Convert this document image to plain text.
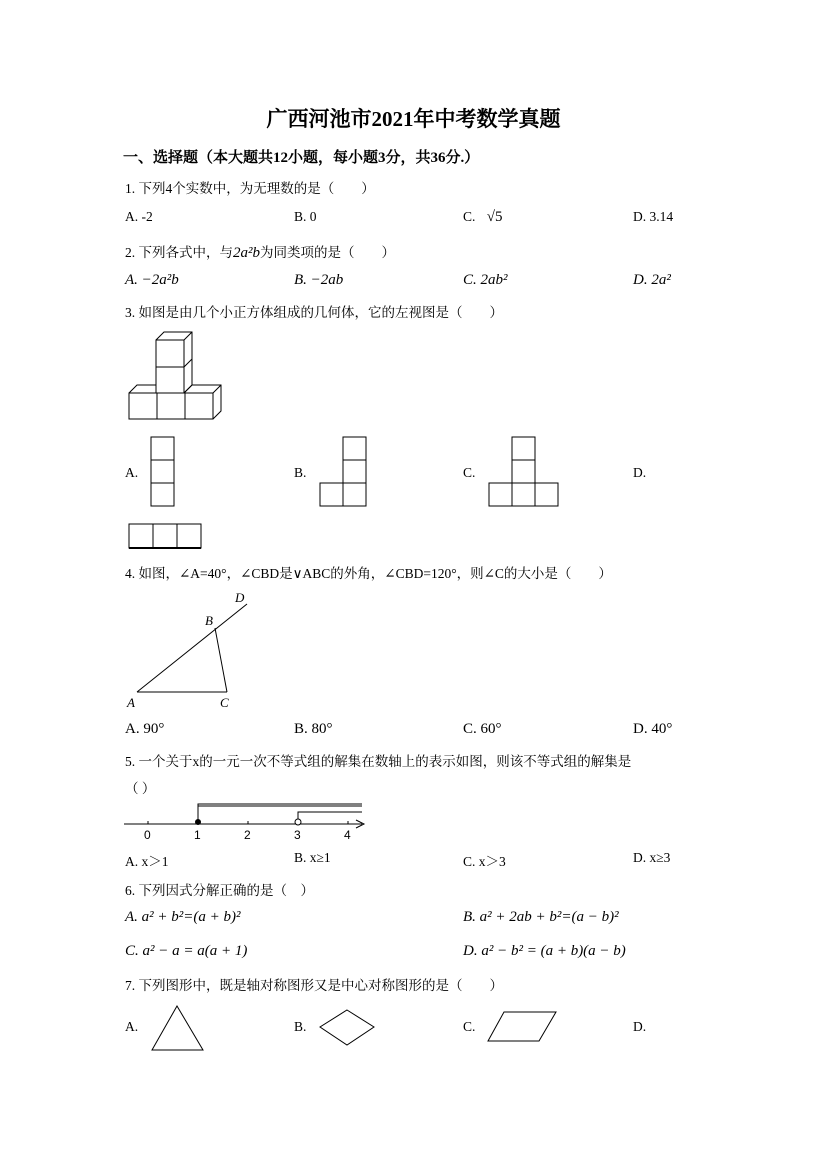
广西河池市2021年中考数学真题
一、选择题（本大题共12小题，每小题3分，共36分.）
1. 下列4个实数中，为无理数的是（　　）
A. -2	B. 0	C. √5	D. 3.14
2. 下列各式中，与2a²b为同类项的是（　　）
A. −2a²b	B. −2ab	C. 2ab²	D. 2a²
3. 如图是由几个小正方体组成的几何体，它的左视图是（　　）
A.	B.	C.	D.
4. 如图，∠A=40°，∠CBD是∨ABC的外角，∠CBD=120°，则∠C的大小是（　　）
A
B
C
D
A. 90°	B. 80°	C. 60°	D. 40°
5. 一个关于x的一元一次不等式组的解集在数轴上的表示如图，则该不等式组的解集是
（ ）
0	1	2	3	4
A. x＞1	B. x≥1	C. x＞3	D. x≥3
6. 下列因式分解正确的是（　）
A. a² + b²=(a + b)²	B. a² + 2ab + b²=(a − b)²
C. a² − a = a(a + 1)	D. a² − b² = (a + b)(a − b)
7. 下列图形中，既是轴对称图形又是中心对称图形的是（　　）
A.	B.	C.	D.
